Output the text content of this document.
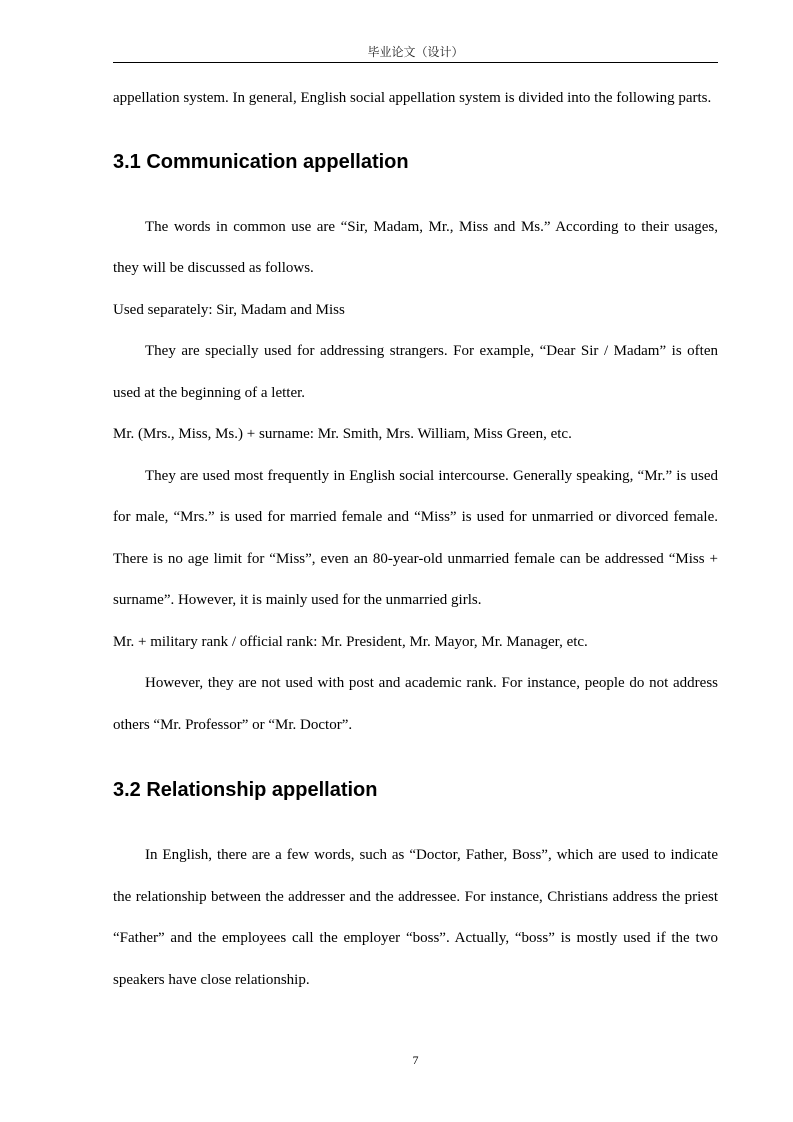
毕业论文（设计）

appellation system. In general, English social appellation system is divided into the following parts.

3.1 Communication appellation

The words in common use are “Sir, Madam, Mr., Miss and Ms.” According to their usages, they will be discussed as follows.

Used separately: Sir, Madam and Miss

They are specially used for addressing strangers. For example, “Dear Sir / Madam” is often used at the beginning of a letter.

Mr. (Mrs., Miss, Ms.) + surname: Mr. Smith, Mrs. William, Miss Green, etc.

They are used most frequently in English social intercourse. Generally speaking, “Mr.” is used for male, “Mrs.” is used for married female and “Miss” is used for unmarried or divorced female. There is no age limit for “Miss”, even an 80-year-old unmarried female can be addressed “Miss + surname”. However, it is mainly used for the unmarried girls.

Mr. + military rank / official rank: Mr. President, Mr. Mayor, Mr. Manager, etc.

However, they are not used with post and academic rank. For instance, people do not address others “Mr. Professor” or “Mr. Doctor”.

3.2 Relationship appellation

In English, there are a few words, such as “Doctor, Father, Boss”, which are used to indicate the relationship between the addresser and the addressee. For instance, Christians address the priest “Father” and the employees call the employer “boss”. Actually, “boss” is mostly used if the two speakers have close relationship.

7
